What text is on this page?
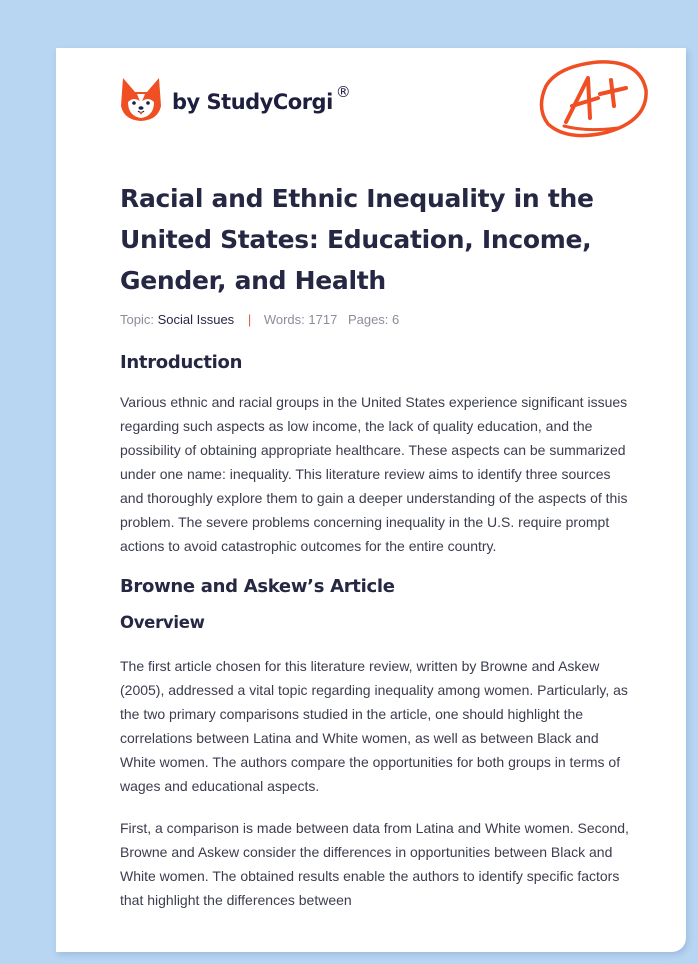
by StudyCorgi ®
Racial and Ethnic Inequality in the United States: Education, Income, Gender, and Health
Topic: Social Issues | Words: 1717 Pages: 6
Introduction

Various ethnic and racial groups in the United States experience significant issues regarding such aspects as low income, the lack of quality education, and the possibility of obtaining appropriate healthcare. These aspects can be summarized under one name: inequality. This literature review aims to identify three sources and thoroughly explore them to gain a deeper understanding of the aspects of this problem. The severe problems concerning inequality in the U.S. require prompt actions to avoid catastrophic outcomes for the entire country.

Browne and Askew’s Article
Overview

The first article chosen for this literature review, written by Browne and Askew (2005), addressed a vital topic regarding inequality among women. Particularly, as the two primary comparisons studied in the article, one should highlight the correlations between Latina and White women, as well as between Black and White women. The authors compare the opportunities for both groups in terms of wages and educational aspects.

First, a comparison is made between data from Latina and White women. Second, Browne and Askew consider the differences in opportunities between Black and White women. The obtained results enable the authors to identify specific factors that highlight the differences between
